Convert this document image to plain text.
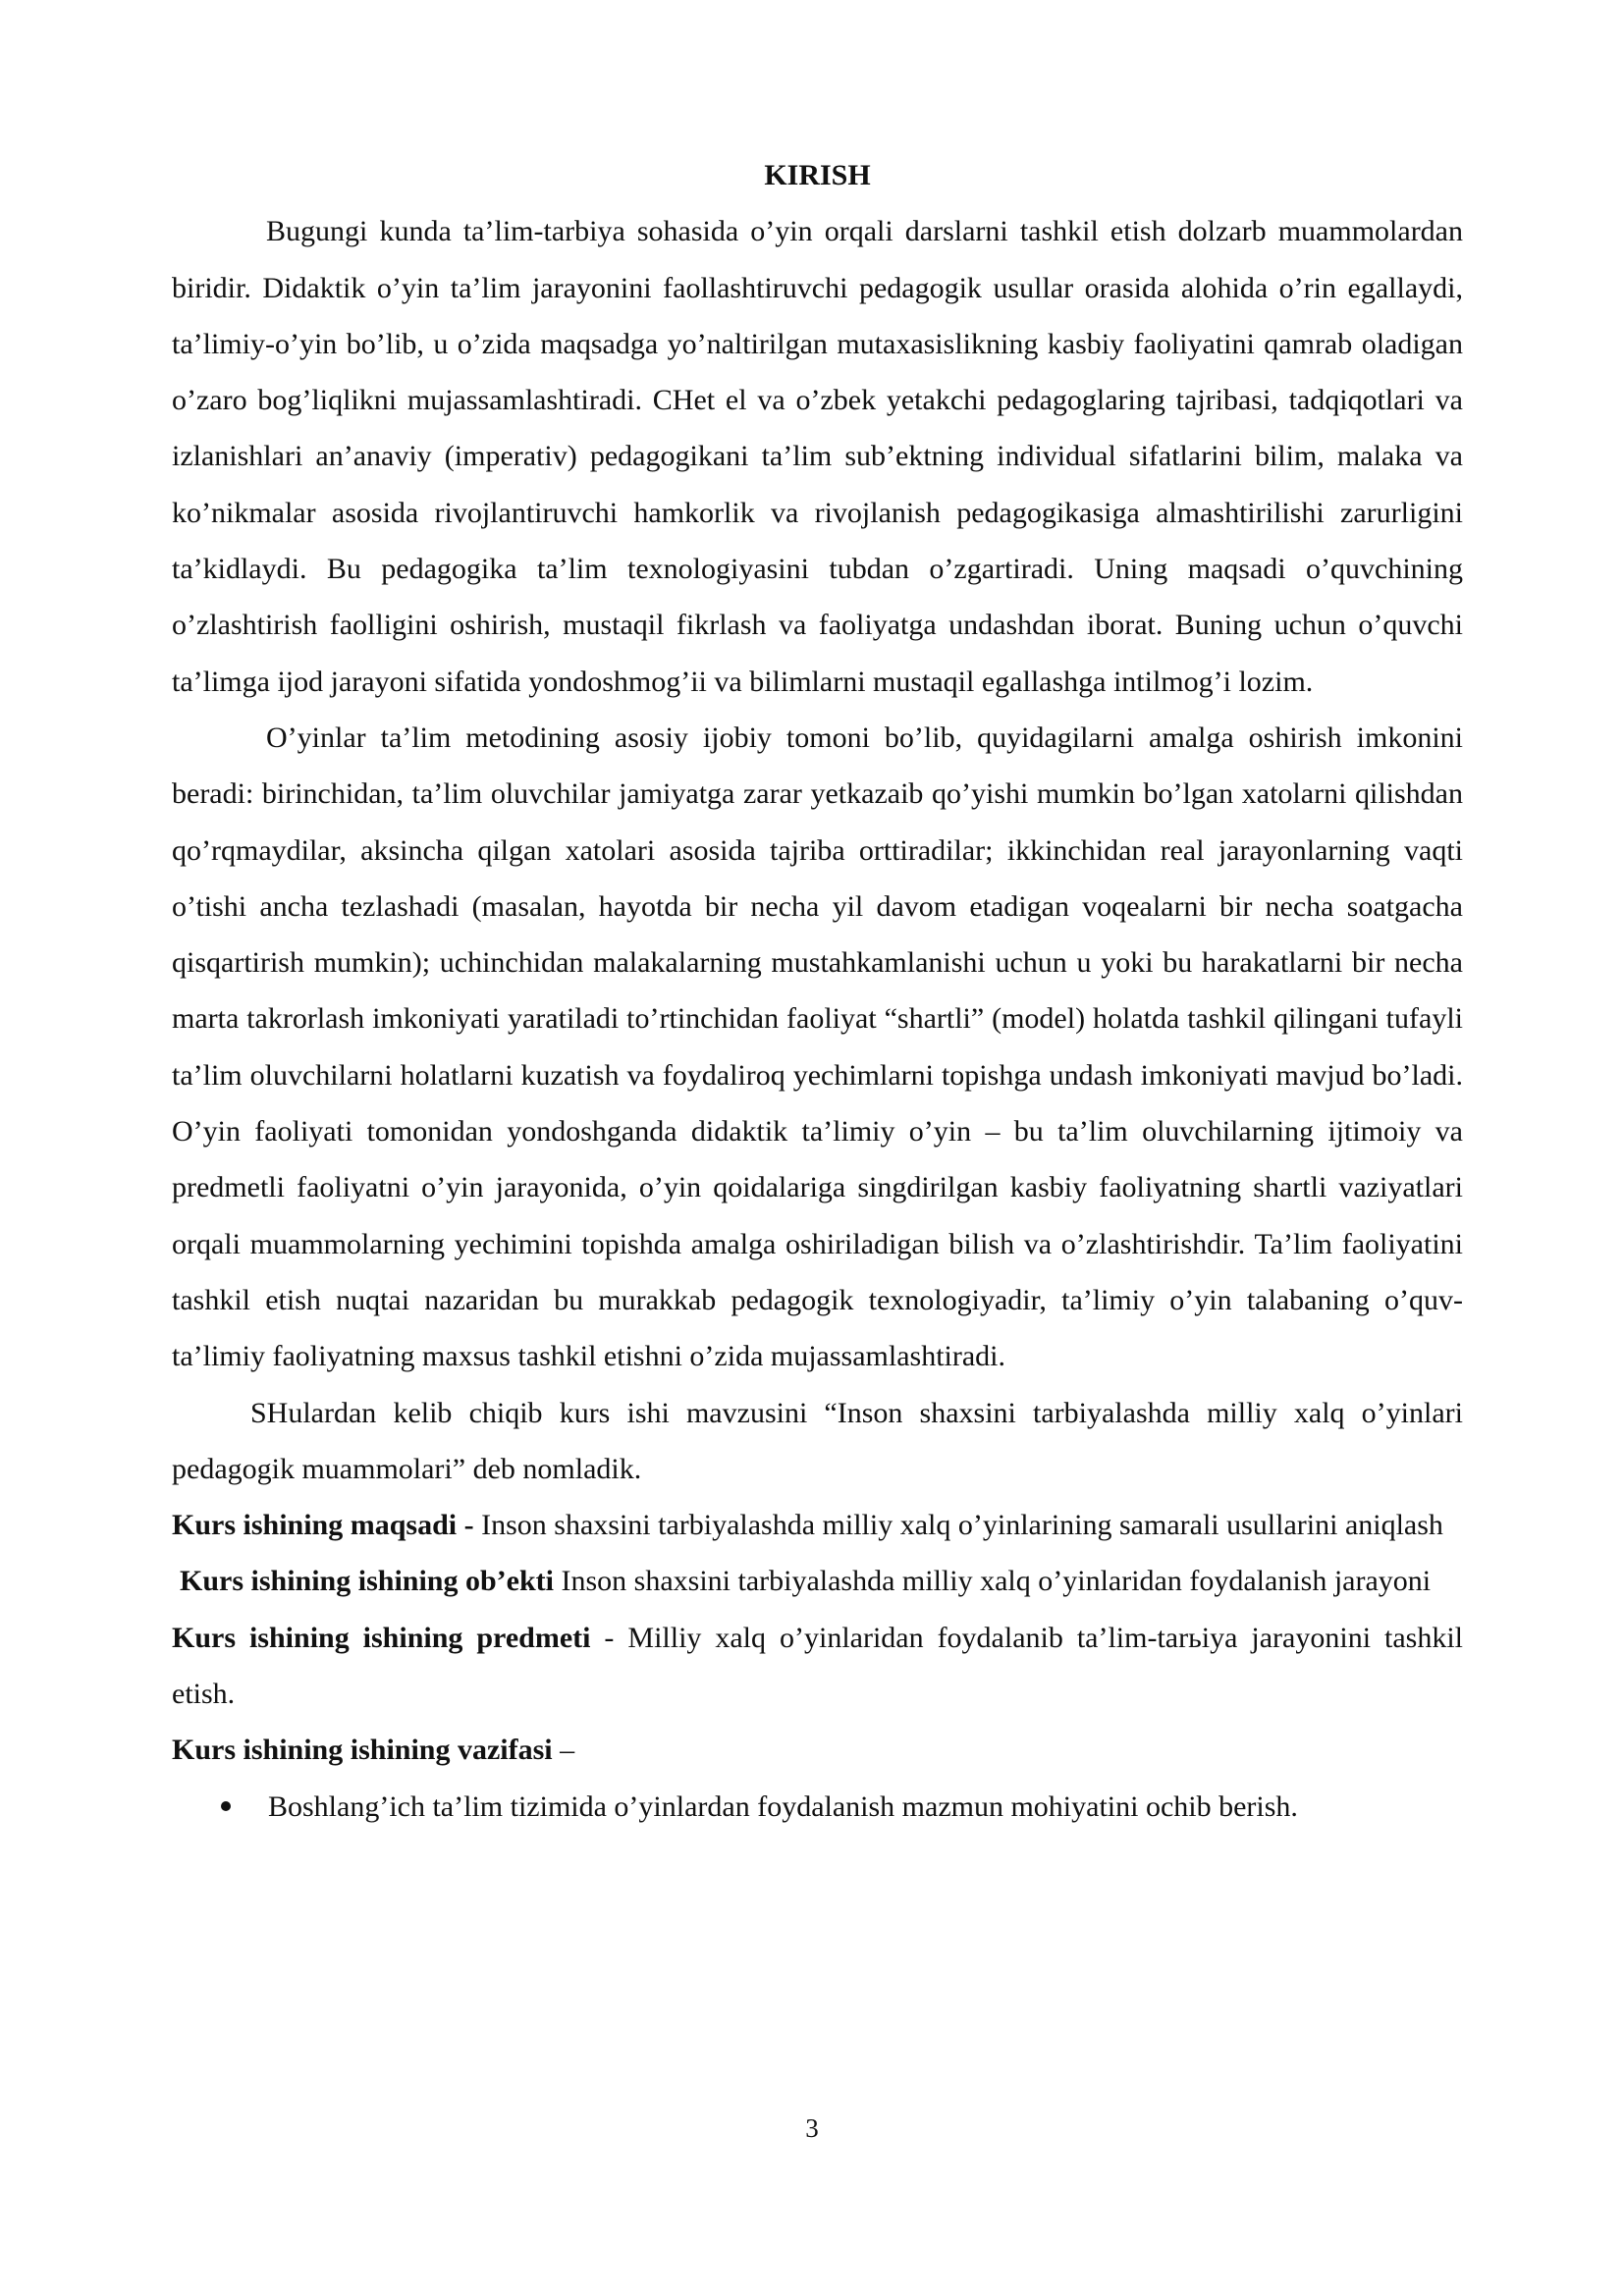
KIRISH

Bugungi kunda ta’lim-tarbiya sohasida o’yin orqali darslarni tashkil etish dolzarb muammolardan biridir. Didaktik o’yin ta’lim jarayonini faollashtiruvchi pedagogik usullar orasida alohida o’rin egallaydi, ta’limiy-o’yin bo’lib, u o’zida maqsadga yo’naltirilgan mutaxasislikning kasbiy faoliyatini qamrab oladigan o’zaro bog’liqlikni mujassamlashtiradi. CHet el va o’zbek yetakchi pedagoglaring tajribasi, tadqiqotlari va izlanishlari an’anaviy (imperativ) pedagogikani ta’lim sub’ektning individual sifatlarini bilim, malaka va ko’nikmalar asosida rivojlantiruvchi hamkorlik va rivojlanish pedagogikasiga almashtirilishi zarurligini ta’kidlaydi. Bu pedagogika ta’lim texnologiyasini tubdan o’zgartiradi. Uning maqsadi o’quvchining o’zlashtirish faolligini oshirish, mustaqil fikrlash va faoliyatga undashdan iborat. Buning uchun o’quvchi ta’limga ijod jarayoni sifatida yondoshmog’ii va bilimlarni mustaqil egallashga intilmog’i lozim.

O’yinlar ta’lim metodining asosiy ijobiy tomoni bo’lib, quyidagilarni amalga oshirish imkonini beradi: birinchidan, ta’lim oluvchilar jamiyatga zarar yetkazaib qo’yishi mumkin bo’lgan xatolarni qilishdan qo’rqmaydilar, aksincha qilgan xatolari asosida tajriba orttiradilar; ikkinchidan real jarayonlarning vaqti o’tishi ancha tezlashadi (masalan, hayotda bir necha yil davom etadigan voqealarni bir necha soatgacha qisqartirish mumkin); uchinchidan malakalarning mustahkamlanishi uchun u yoki bu harakatlarni bir necha marta takrorlash imkoniyati yaratiladi to’rtinchidan faoliyat “shartli” (model) holatda tashkil qilingani tufayli ta’lim oluvchilarni holatlarni kuzatish va foydaliroq yechimlarni topishga undash imkoniyati mavjud bo’ladi. O’yin faoliyati tomonidan yondoshganda didaktik ta’limiy o’yin – bu ta’lim oluvchilarning ijtimoiy va predmetli faoliyatni o’yin jarayonida, o’yin qoidalariga singdirilgan kasbiy faoliyatning shartli vaziyatlari orqali muammolarning yechimini topishda amalga oshiriladigan bilish va o’zlashtirishdir. Ta’lim faoliyatini tashkil etish nuqtai nazaridan bu murakkab pedagogik texnologiyadir, ta’limiy o’yin talabaning o’quv-ta’limiy faoliyatning maxsus tashkil etishni o’zida mujassamlashtiradi.

SHulardan kelib chiqib kurs ishi mavzusini “Inson shaxsini tarbiyalashda milliy xalq o’yinlari pedagogik muammolari” deb nomladik.

Kurs ishining maqsadi - Inson shaxsini tarbiyalashda milliy xalq o’yinlarining samarali usullarini aniqlash

Kurs ishining ishining ob’ekti Inson shaxsini tarbiyalashda milliy xalq o’yinlaridan foydalanish jarayoni

Kurs ishining ishining predmeti - Milliy xalq o’yinlaridan foydalanib ta’lim-tarьiya jarayonini tashkil etish.

Kurs ishining ishining vazifasi –

Boshlang’ich ta’lim tizimida o’yinlardan foydalanish mazmun mohiyatini ochib berish.
3
